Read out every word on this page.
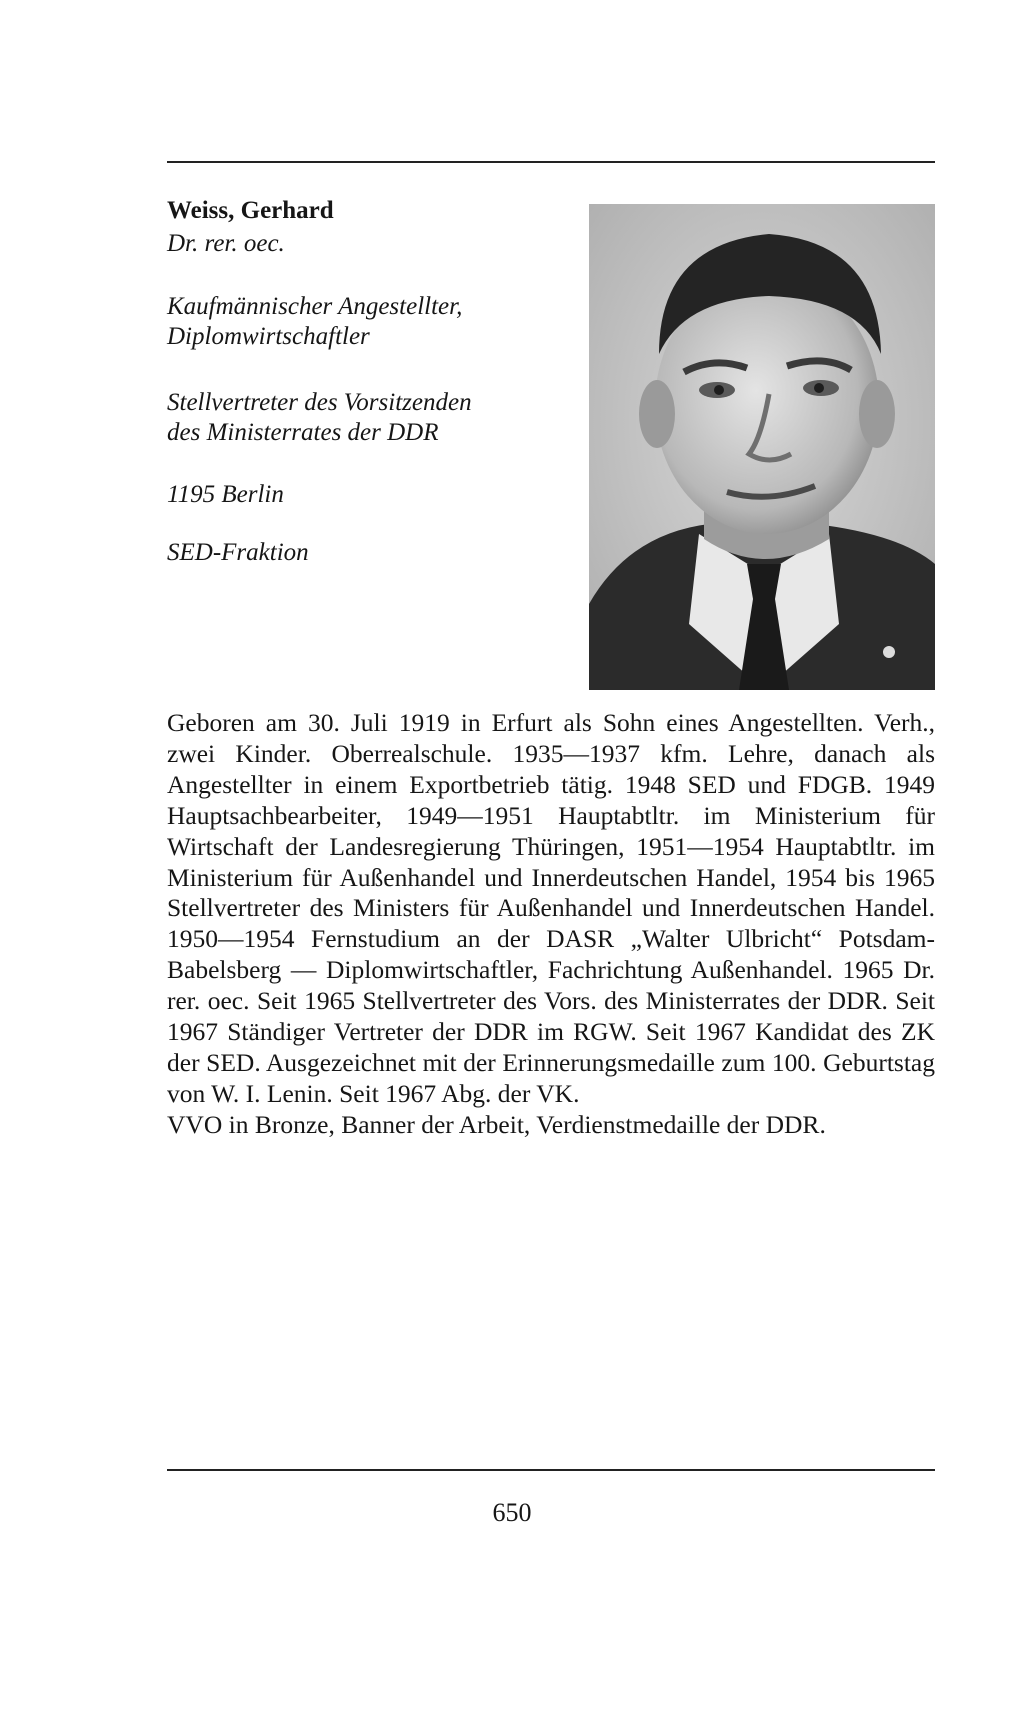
Weiss, Gerhard
Dr. rer. oec.
Kaufmännischer Angestellter,
Diplomwirtschaftler
Stellvertreter des Vorsitzenden
des Ministerrates der DDR
1195 Berlin
SED-Fraktion

Geboren am 30. Juli 1919 in Erfurt als Sohn eines Angestellten. Verh., zwei Kinder. Oberrealschule. 1935—1937 kfm. Lehre, danach als Angestellter in einem Exportbetrieb tätig. 1948 SED und FDGB. 1949 Hauptsachbearbeiter, 1949—1951 Hauptabtltr. im Ministerium für Wirtschaft der Landesregierung Thüringen, 1951—1954 Hauptabtltr. im Ministerium für Außenhandel und Innerdeutschen Handel, 1954 bis 1965 Stellvertreter des Ministers für Außenhandel und Innerdeutschen Handel. 1950—1954 Fernstudium an der DASR „Walter Ulbricht“ Potsdam-Babelsberg — Diplomwirtschaftler, Fachrichtung Außenhandel. 1965 Dr. rer. oec. Seit 1965 Stellvertreter des Vors. des Ministerrates der DDR. Seit 1967 Ständiger Vertreter der DDR im RGW. Seit 1967 Kandidat des ZK der SED. Ausgezeichnet mit der Erinnerungsmedaille zum 100. Geburtstag von W. I. Lenin. Seit 1967 Abg. der VK.

VVO in Bronze, Banner der Arbeit, Verdienstmedaille der DDR.

650
